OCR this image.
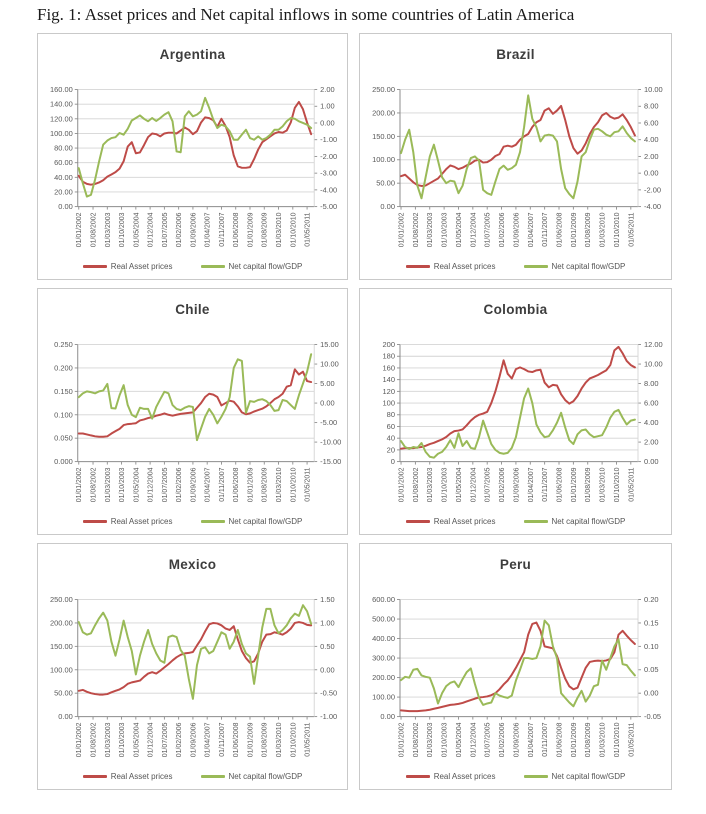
Fig. 1: Asset prices and Net capital inflows in some countries of Latin America
0.00
20.00
40.00
60.00
80.00
100.00
120.00
140.00
160.00
-5.00
-4.00
-3.00
-2.00
-1.00
0.00
1.00
2.00
01/01/2002 01/08/2002 01/03/2003 01/10/2003 01/05/2004 01/12/2004 01/07/2005 01/02/2006 01/09/2006 01/04/2007 01/11/2007 01/06/2008 01/01/2009 01/08/2009 01/03/2010 01/10/2010 01/05/2011
Argentina
Real Asset prices	Net capital flow/GDP
0.00
50.00
100.00
150.00
200.00
250.00
-4.00
-2.00
0.00
2.00
4.00
6.00
8.00
10.00
01/01/2002 01/08/2002 01/03/2003 01/10/2003 01/05/2004 01/12/2004 01/07/2005 01/02/2006 01/09/2006 01/04/2007 01/11/2007 01/06/2008 01/01/2009 01/08/2009 01/03/2010 01/10/2010 01/05/2011
Brazil
Real Asset prices	Net capital flow/GDP
0.000
0.050
0.100
0.150
0.200
0.250
-15.00
-10.00
-5.00
0.00
5.00
10.00
15.00
01/01/2002 01/08/2002 01/03/2003 01/10/2003 01/05/2004 01/12/2004 01/07/2005 01/02/2006 01/09/2006 01/04/2007 01/11/2007 01/06/2008 01/01/2009 01/08/2009 01/03/2010 01/10/2010 01/05/2011
Chile
Real Asset prices	Net capital flow/GDP
0
20
40
60
80
100
120
140
160
180
200
0.00
2.00
4.00
6.00
8.00
10.00
12.00
01/01/2002 01/08/2002 01/03/2003 01/10/2003 01/05/2004 01/12/2004 01/07/2005 01/02/2006 01/09/2006 01/04/2007 01/11/2007 01/06/2008 01/01/2009 01/08/2009 01/03/2010 01/10/2010 01/05/2011
Colombia
Real Asset prices	Net capital flow/GDP
0.00
50.00
100.00
150.00
200.00
250.00
-1.00
-0.50
0.00
0.50
1.00
1.50
01/01/2002 01/08/2002 01/03/2003 01/10/2003 01/05/2004 01/12/2004 01/07/2005 01/02/2006 01/09/2006 01/04/2007 01/11/2007 01/06/2008 01/01/2009 01/08/2009 01/03/2010 01/10/2010 01/05/2011
Mexico
Real Asset prices	Net capital flow/GDP
0.00
100.00
200.00
300.00
400.00
500.00
600.00
-0.05
0.00
0.05
0.10
0.15
0.20
01/01/2002 01/08/2002 01/03/2003 01/10/2003 01/05/2004 01/12/2004 01/07/2005 01/02/2006 01/09/2006 01/04/2007 01/11/2007 01/06/2008 01/01/2009 01/08/2009 01/03/2010 01/10/2010 01/05/2011
Peru
Real Asset prices	Net capital flow/GDP
